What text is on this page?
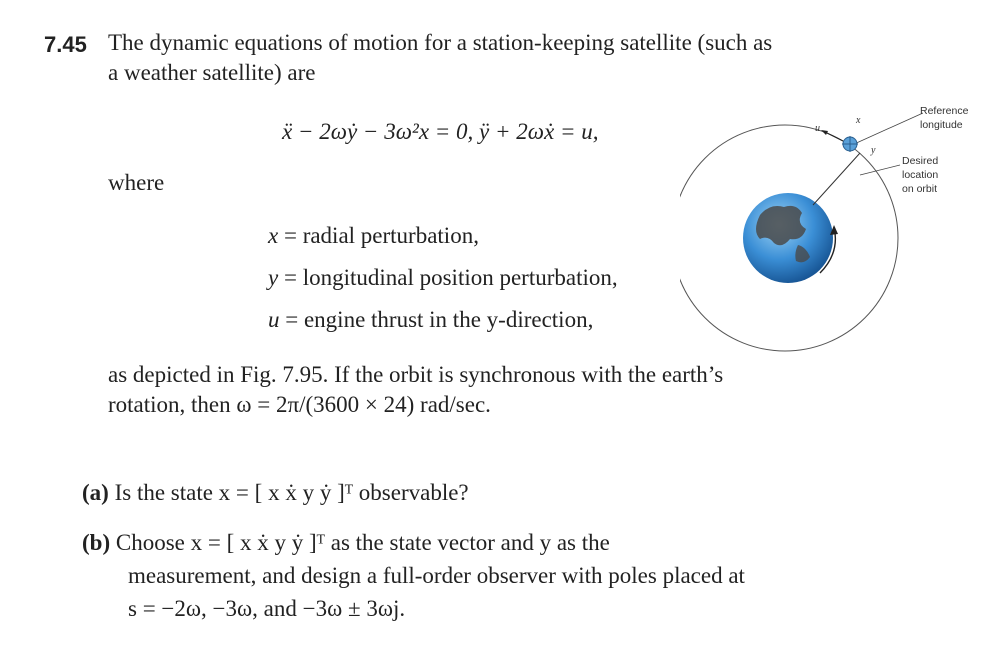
7.45 The dynamic equations of motion for a station-keeping satellite (such as
a weather satellite) are
ẍ − 2ωẏ − 3ω²x = 0, ÿ + 2ωẋ = u,
where
x = radial perturbation,
y = longitudinal position perturbation,
u = engine thrust in the y-direction,
as depicted in Fig. 7.95. If the orbit is synchronous with the earth’s
rotation, then ω = 2π/(3600 × 24) rad/sec.
(a) Is the state x = [ x ẋ y ẏ ]ᵀ observable?
(b) Choose x = [ x ẋ y ẏ ]ᵀ as the state vector and y as the
measurement, and design a full-order observer with poles placed at
s = −2ω, −3ω, and −3ω ± 3ωj.
u
x
y
Reference
longitude
Desired
location
on orbit
